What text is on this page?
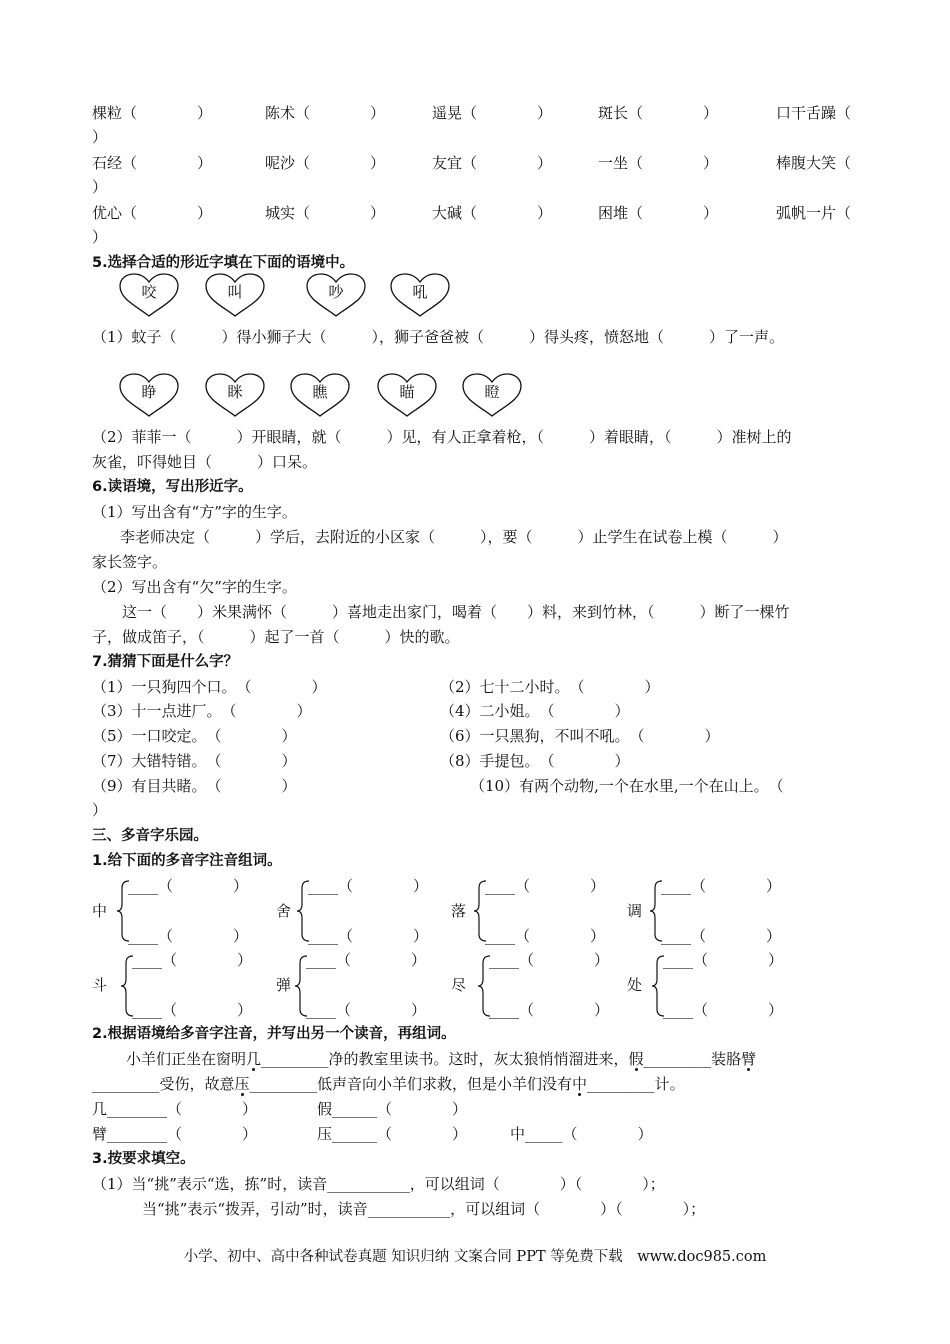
棵粒（　　　　）	陈术（　　　　）	遥晃（　　　　）	斑长（　　　　）	口干舌躁（
）
石经（　　　　）	呢沙（　　　　）	友宜（　　　　）	一坐（　　　　）	棒腹大笑（
）
优心（　　　　）	城实（　　　　）	大碱（　　　　）	困堆（　　　　）	弧帆一片（
）
5.选择合适的形近字填在下面的语境中。
咬	叫	吵	吼
（1）蚊子（　　　）得小狮子大（　　　），狮子爸爸被（　　　）得头疼，愤怒地（　　　）了一声。
睁	眯	瞧	瞄	瞪
（2）菲菲一（　　　）开眼睛，就（　　　）见，有人正拿着枪，（　　　）着眼睛，（　　　）准树上的
灰雀，吓得她目（　　　）口呆。
6.读语境，写出形近字。
（1）写出含有“方”字的生字。
李老师决定（　　　）学后，去附近的小区家（　　　），要（　　　）止学生在试卷上模（　　　）
家长签字。
（2）写出含有“欠”字的生字。
这一（　　）米果满怀（　　　）喜地走出家门，喝着（　　）料，来到竹林，（　　　）断了一棵竹
子，做成笛子，（　　　）起了一首（　　　）快的歌。
7.猜猜下面是什么字？
（1）一只狗四个口。　（　　　　）	（2）七十二小时。　（　　　　）
（3）十一点进厂。　（　　　　）	（4）二小姐。　（　　　　）
（5）一口咬定。　（　　　　）	（6）一只黑狗，不叫不吼。　（　　　　）
（7）大错特错。　（　　　　）	（8）手提包。　（　　　　）
（9）有目共睹。　（　　　　）	（10）有两个动物,一个在水里,一个在山上。　（
）
三、多音字乐园。
1.给下面的多音字注音组词。
中
____（　　　　）
____（　　　　）
舍
____（　　　　）
____（　　　　）
落
____（　　　　）
____（　　　　）
调
____（　　　　）
____（　　　　）
斗
____（　　　　）
____（　　　　）
弹
____（　　　　）
____（　　　　）
尽
____（　　　　）
____（　　　　）
处
____（　　　　）
____（　　　　）
2.根据语境给多音字注音，并写出另一个读音，再组词。
小羊们正坐在窗明几_________净的教室里读书。这时，灰太狼悄悄溜进来，假_________装胳臂
_________受伤，故意压_________低声音向小羊们求救，但是小羊们没有中_________计。
几________（　　　　）	假______（　　　　）
臂________（　　　　）	压______（　　　　）	中_____（　　　　）
3.按要求填空。
（1）当“挑”表示“选，拣”时，读音___________，可以组词（　　　　）（　　　　）；
当“挑”表示“拨弄，引动”时，读音___________，可以组词（　　　　）（　　　　）；
小学、初中、高中各种试卷真题 知识归纳 文案合同 PPT 等免费下载　www.doc985.com
